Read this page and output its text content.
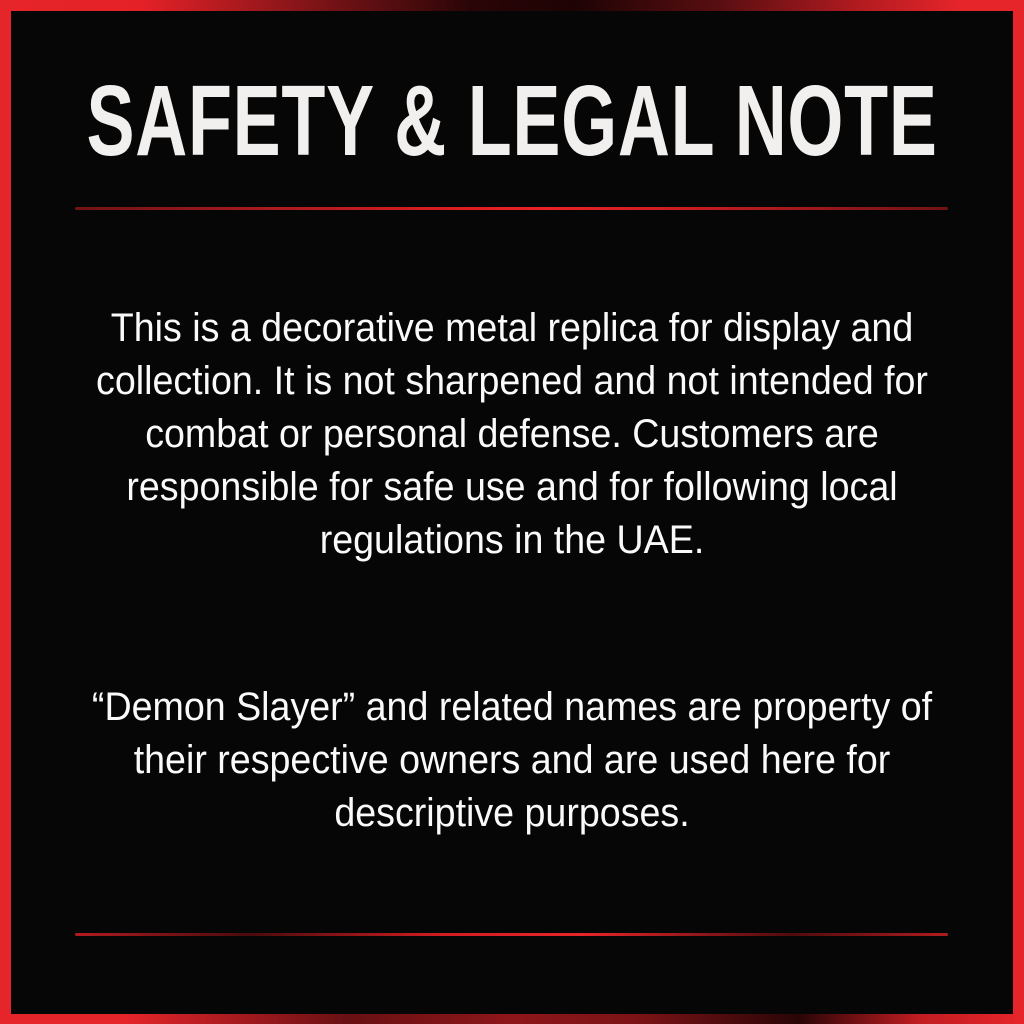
SAFETY & LEGAL NOTE
This is a decorative metal replica for display and
collection. It is not sharpened and not intended for
combat or personal defense. Customers are
responsible for safe use and for following local
regulations in the UAE.
“Demon Slayer” and related names are property of
their respective owners and are used here for
descriptive purposes.
